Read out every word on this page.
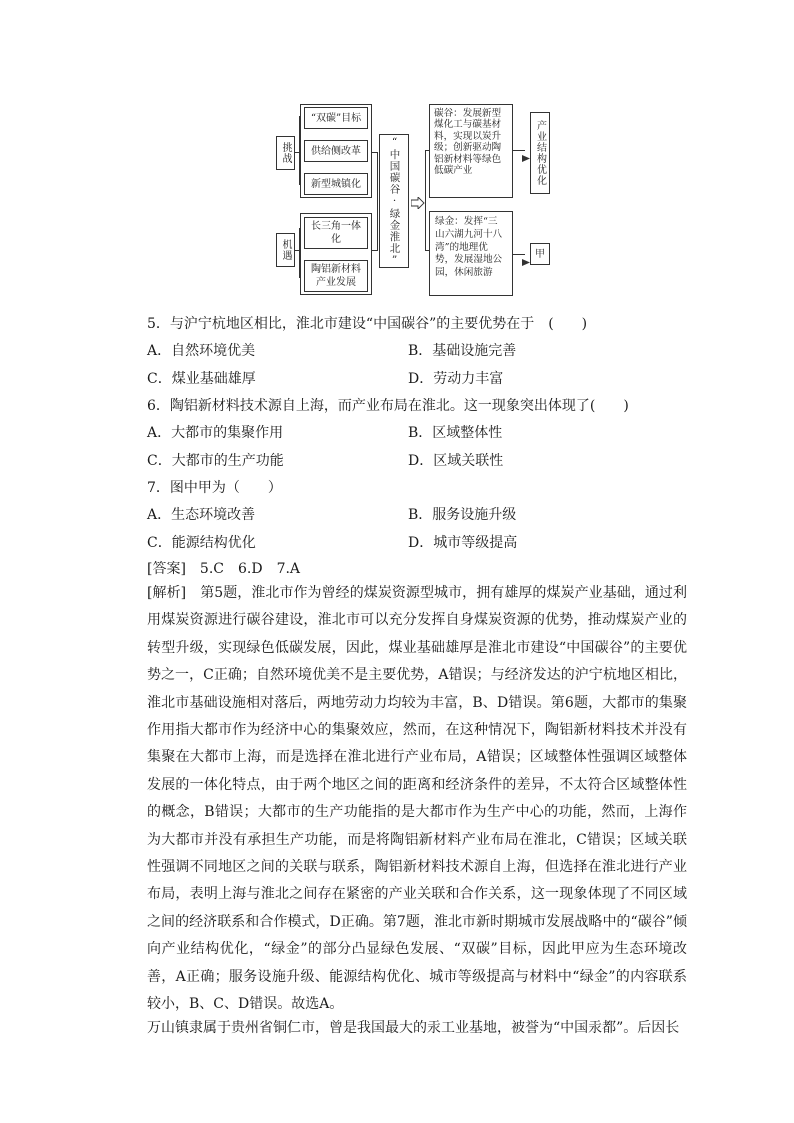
挑战
机遇
“双碳”目标
供给侧改革
新型城镇化
长三角一体化
陶铝新材料产业发展
“中国碳谷·绿金淮北”
碳谷：发展新型煤化工与碳基材料，实现以炭升级；创新驱动陶铝新材料等绿色低碳产业
绿金：发挥“三山六湖九河十八湾”的地理优势，发展湿地公园，休闲旅游
产业结构优化
甲
5．与沪宁杭地区相比，淮北市建设“中国碳谷”的主要优势在于　(　　)
A．自然环境优美	B．基础设施完善
C．煤业基础雄厚	D．劳动力丰富
6．陶铝新材料技术源自上海，而产业布局在淮北。这一现象突出体现了(　　)
A．大都市的集聚作用	B．区域整体性
C．大都市的生产功能	D．区域关联性
7．图中甲为（　　）
A．生态环境改善	B．服务设施升级
C．能源结构优化	D．城市等级提高
[答案]　5.C　6.D　7.A
[解析]　第5题，淮北市作为曾经的煤炭资源型城市，拥有雄厚的煤炭产业基础，通过利用煤炭资源进行碳谷建设，淮北市可以充分发挥自身煤炭资源的优势，推动煤炭产业的转型升级，实现绿色低碳发展，因此，煤业基础雄厚是淮北市建设“中国碳谷”的主要优势之一，C正确；自然环境优美不是主要优势，A错误；与经济发达的沪宁杭地区相比，淮北市基础设施相对落后，两地劳动力均较为丰富，B、D错误。第6题，大都市的集聚作用指大都市作为经济中心的集聚效应，然而，在这种情况下，陶铝新材料技术并没有集聚在大都市上海，而是选择在淮北进行产业布局，A错误；区域整体性强调区域整体发展的一体化特点，由于两个地区之间的距离和经济条件的差异，不太符合区域整体性的概念，B错误；大都市的生产功能指的是大都市作为生产中心的功能，然而，上海作为大都市并没有承担生产功能，而是将陶铝新材料产业布局在淮北，C错误；区域关联性强调不同地区之间的关联与联系，陶铝新材料技术源自上海，但选择在淮北进行产业布局，表明上海与淮北之间存在紧密的产业关联和合作关系，这一现象体现了不同区域之间的经济联系和合作模式，D正确。第7题，淮北市新时期城市发展战略中的“碳谷”倾向产业结构优化，“绿金”的部分凸显绿色发展、“双碳”目标，因此甲应为生态环境改善，A正确；服务设施升级、能源结构优化、城市等级提高与材料中“绿金”的内容联系较小，B、C、D错误。故选A。
万山镇隶属于贵州省铜仁市，曾是我国最大的汞工业基地，被誉为“中国汞都”。后因长
